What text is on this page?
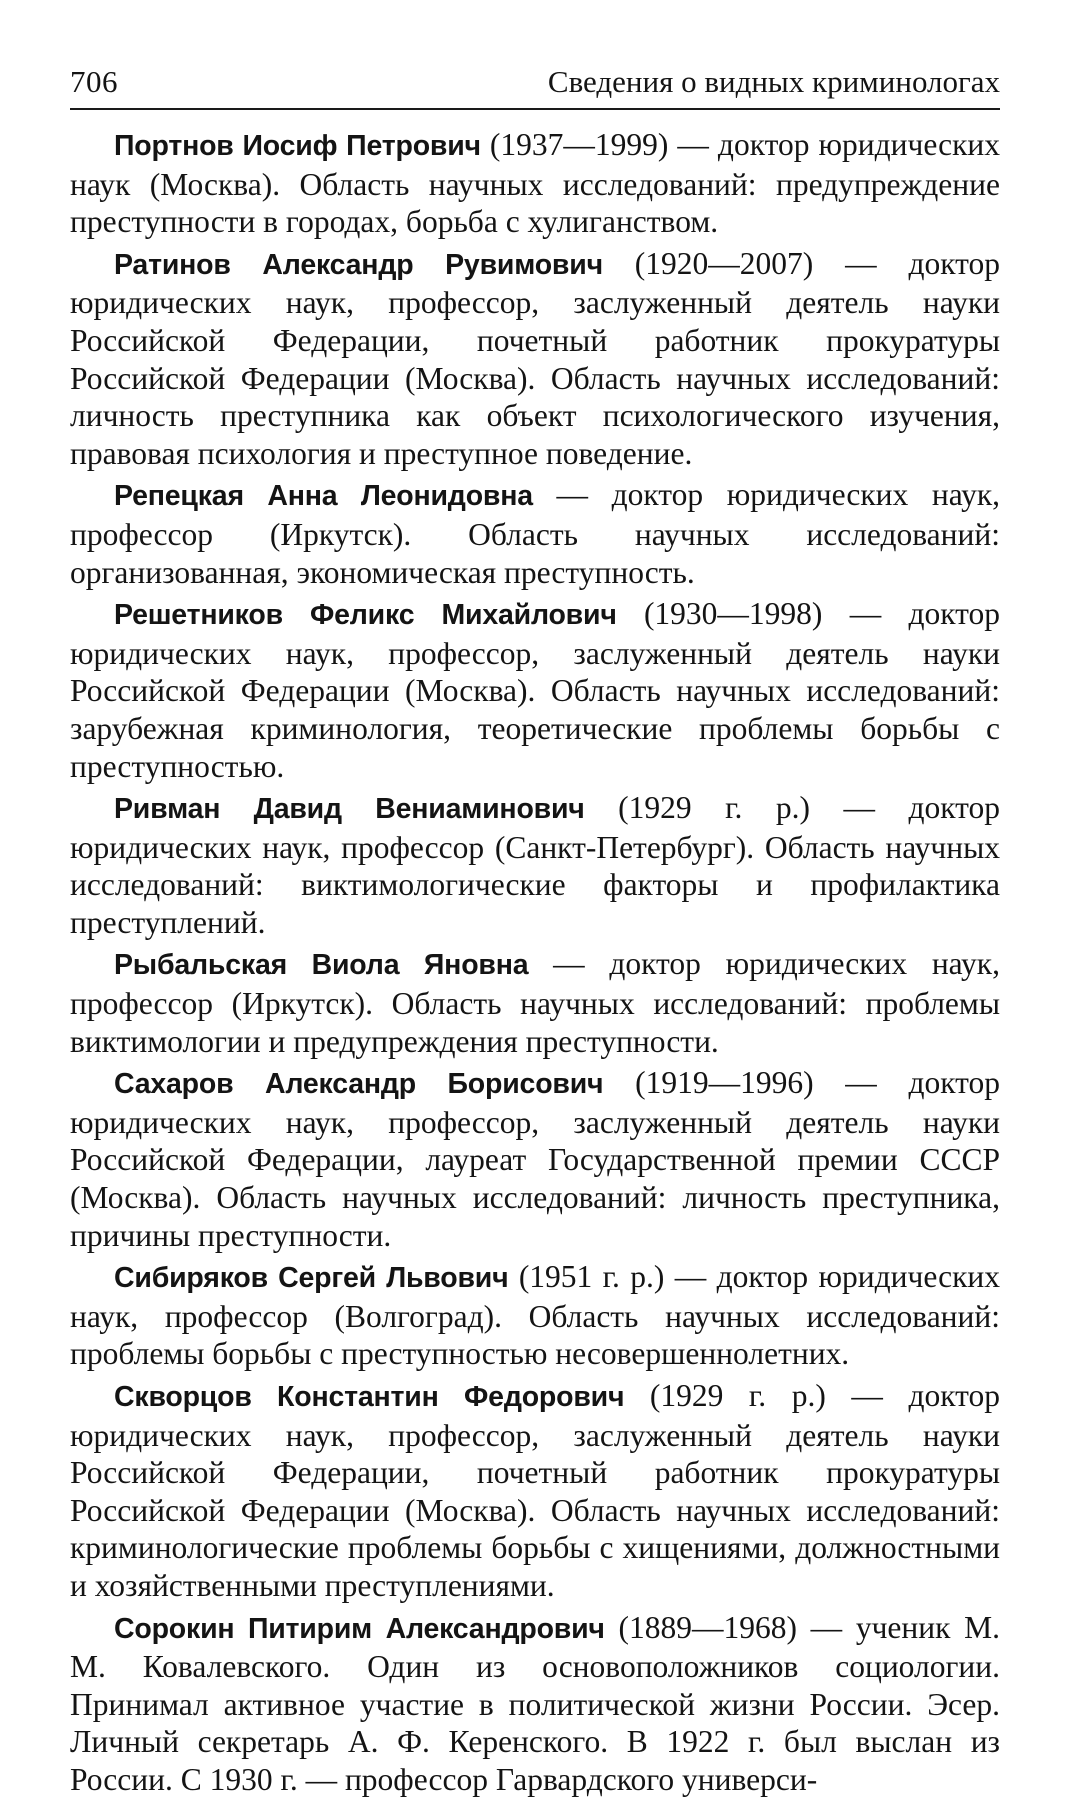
706	Сведения о видных криминологах

Портнов Иосиф Петрович (1937—1999) — доктор юридических наук (Москва). Область научных исследований: предупреждение преступности в городах, борьба с хулиганством.

Ратинов Александр Рувимович (1920—2007) — доктор юридических наук, профессор, заслуженный деятель науки Российской Федерации, почетный работник прокуратуры Российской Федерации (Москва). Область научных исследований: личность преступника как объект психологического изучения, правовая психология и преступное поведение.

Репецкая Анна Леонидовна — доктор юридических наук, профессор (Иркутск). Область научных исследований: организованная, экономическая преступность.

Решетников Феликс Михайлович (1930—1998) — доктор юридических наук, профессор, заслуженный деятель науки Российской Федерации (Москва). Область научных исследований: зарубежная криминология, теоретические проблемы борьбы с преступностью.

Ривман Давид Вениаминович (1929 г. р.) — доктор юридических наук, профессор (Санкт-Петербург). Область научных исследований: виктимологические факторы и профилактика преступлений.

Рыбальская Виола Яновна — доктор юридических наук, профессор (Иркутск). Область научных исследований: проблемы виктимологии и предупреждения преступности.

Сахаров Александр Борисович (1919—1996) — доктор юридических наук, профессор, заслуженный деятель науки Российской Федерации, лауреат Государственной премии СССР (Москва). Область научных исследований: личность преступника, причины преступности.

Сибиряков Сергей Львович (1951 г. р.) — доктор юридических наук, профессор (Волгоград). Область научных исследований: проблемы борьбы с преступностью несовершеннолетних.

Скворцов Константин Федорович (1929 г. р.) — доктор юридических наук, профессор, заслуженный деятель науки Российской Федерации, почетный работник прокуратуры Российской Федерации (Москва). Область научных исследований: криминологические проблемы борьбы с хищениями, должностными и хозяйственными преступлениями.

Сорокин Питирим Александрович (1889—1968) — ученик М. М. Ковалевского. Один из основоположников социологии. Принимал активное участие в политической жизни России. Эсер. Личный секретарь А. Ф. Керенского. В 1922 г. был выслан из России. С 1930 г. — профессор Гарвардского универси-
